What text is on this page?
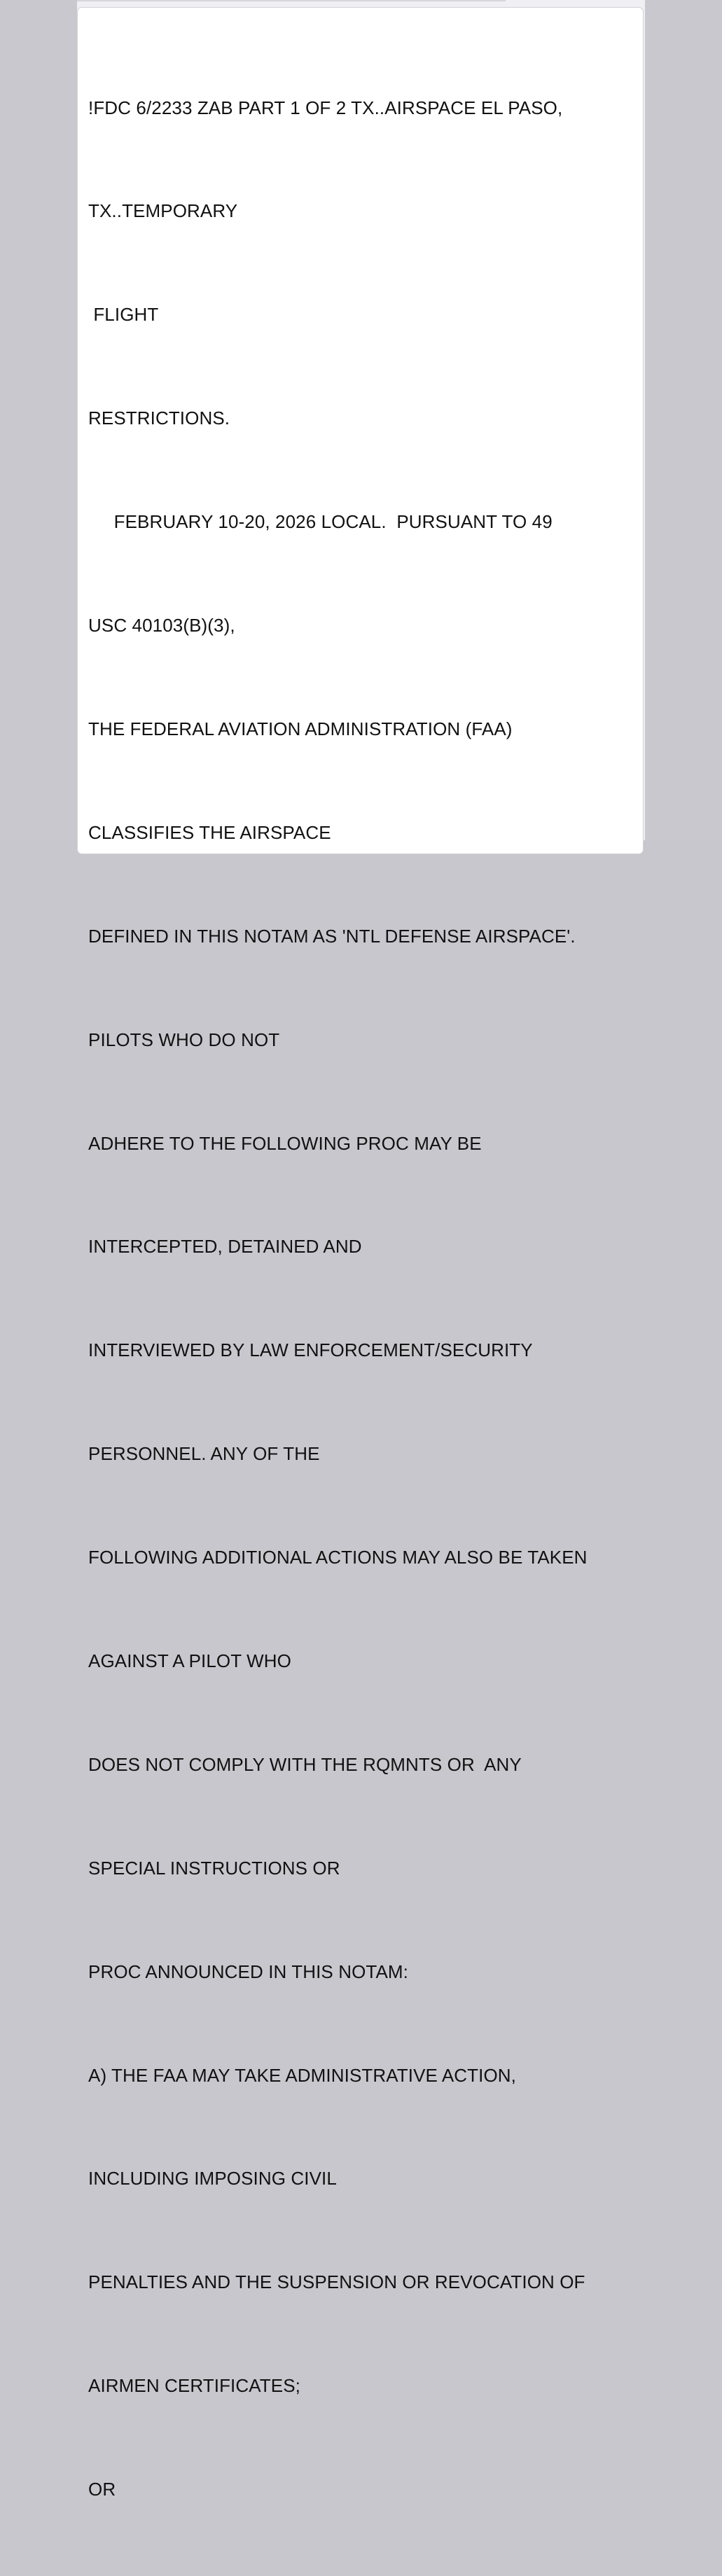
!FDC 6/2233 ZAB PART 1 OF 2 TX..AIRSPACE EL PASO,

TX..TEMPORARY

FLIGHT

RESTRICTIONS.

FEBRUARY 10-20, 2026 LOCAL.  PURSUANT TO 49

USC 40103(B)(3),

THE FEDERAL AVIATION ADMINISTRATION (FAA)

CLASSIFIES THE AIRSPACE

DEFINED IN THIS NOTAM AS 'NTL DEFENSE AIRSPACE'.

PILOTS WHO DO NOT

ADHERE TO THE FOLLOWING PROC MAY BE

INTERCEPTED, DETAINED AND

INTERVIEWED BY LAW ENFORCEMENT/SECURITY

PERSONNEL. ANY OF THE

FOLLOWING ADDITIONAL ACTIONS MAY ALSO BE TAKEN

AGAINST A PILOT WHO

DOES NOT COMPLY WITH THE RQMNTS OR  ANY

SPECIAL INSTRUCTIONS OR

PROC ANNOUNCED IN THIS NOTAM:

A) THE FAA MAY TAKE ADMINISTRATIVE ACTION,

INCLUDING IMPOSING CIVIL

PENALTIES AND THE SUSPENSION OR REVOCATION OF

AIRMEN CERTIFICATES;

OR
